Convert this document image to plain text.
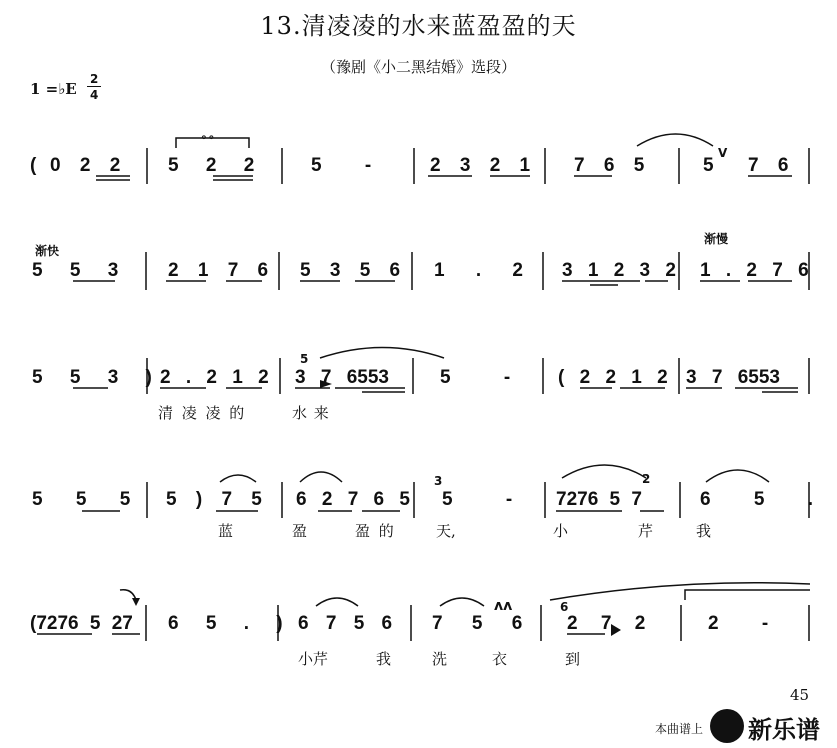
13.清凌凌的水来蓝盈盈的天
（豫剧《小二黑结婚》选段）
1 =♭E
2
4
( 0 2 2	5 2 2
∘∘
5 -	2 3 2 1 7 6 5	5
V
7 6
渐快
渐慢
5 5 3	2 1 7 6 5 3 5 6 1 . 2 3 1 2 3 2 1 . 2 7 6
5 5 3 ) 2 . 2 1 2
5
3 7 6553	5 -	( 2 2 1 2 3 7 6553
清 凌 凌 的	水 来
5 5 5 5 ) 7 5 6 2 7 6 5
3
5 -
2
7276 5 7	6 5 .
蓝	盈	盈 的	天,	小	芹	我
(7276 5 27 6 5 . ) 6 7 5 6
ʌʌ
7 5 6
6
2 7 2	2 -
小芹	我	洗	衣	到
45
本曲谱上 新乐谱
